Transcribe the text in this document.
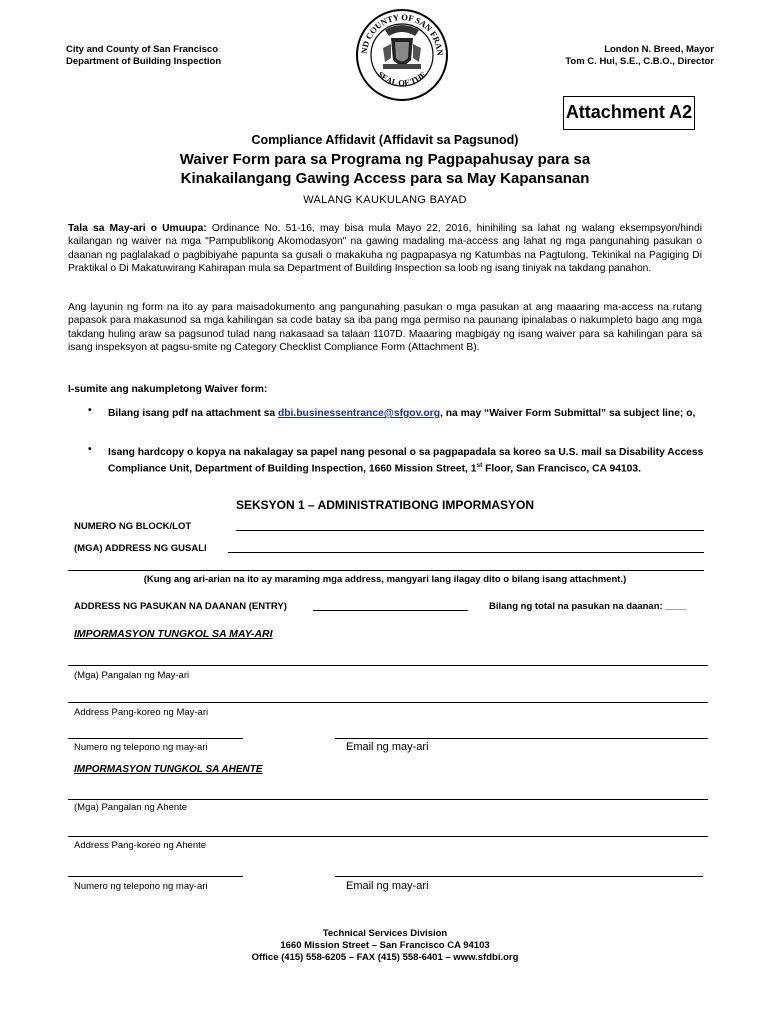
City and County of San Francisco
Department of Building Inspection
ND COUNTY OF SAN FRAN
SEAL OF THE
London N. Breed, Mayor
Tom C. Hui, S.E., C.B.O., Director
Attachment A2
Compliance Affidavit (Affidavit sa Pagsunod)
Waiver Form para sa Programa ng Pagpapahusay para sa
Kinakailangang Gawing Access para sa May Kapansanan
WALANG KAUKULANG BAYAD
Tala sa May-ari o Umuupa: Ordinance No. 51-16, may bisa mula Mayo 22, 2016, hinihiling sa lahat ng walang eksempsyon/hindi kailangan ng waiver na mga "Pampublikong Akomodasyon" na gawing madaling ma-access ang lahat ng mga pangunahing pasukan o daanan ng paglalakad o pagbibiyahe papunta sa gusali o makakuha ng pagpapasya ng Katumbas na Pagtulong, Tekinikal na Pagiging Di Praktikal o Di Makatuwirang Kahirapan mula sa Department of Building Inspection sa loob ng isang tiniyak na takdang panahon.
Ang layunin ng form na ito ay para maisadokumento ang pangunahing pasukan o mga pasukan at ang maaaring ma-access na rutang papasok para makasunod sa mga kahilingan sa code batay sa iba pang mga permiso na paunang ipinalabas o nakumpleto bago ang mga takdang huling araw sa pagsunod tulad nang nakasaad sa talaan 1107D. Maaaring magbigay ng isang waiver para sa kahilingan para sa isang inspeksyon at pagsu-smite ng Category Checklist Compliance Form (Attachment B).
I-sumite ang nakumpletong Waiver form:
• Bilang isang pdf na attachment sa dbi.businessentrance@sfgov.org, na may “Waiver Form Submittal” sa subject line; o,
• Isang hardcopy o kopya na nakalagay sa papel nang pesonal o sa pagpapadala sa koreo sa U.S. mail sa Disability Access Compliance Unit, Department of Building Inspection, 1660 Mission Street, 1st Floor, San Francisco, CA 94103.
SEKSYON 1 – ADMINISTRATIBONG IMPORMASYON
NUMERO NG BLOCK/LOT
(MGA) ADDRESS NG GUSALI
(Kung ang ari-arian na ito ay maraming mga address, mangyari lang ilagay dito o bilang isang attachment.)
ADDRESS NG PASUKAN NA DAANAN (ENTRY)	Bilang ng total na pasukan na daanan: ____
IMPORMASYON TUNGKOL SA MAY-ARI
(Mga) Pangalan ng May-ari
Address Pang-koreo ng May-ari
Numero ng telepono ng may-ari	Email ng may-ari
IMPORMASYON TUNGKOL SA AHENTE
(Mga) Pangalan ng Ahente
Address Pang-koreo ng Ahente
Numero ng telepono ng may-ari	Email ng may-ari
Technical Services Division
1660 Mission Street – San Francisco CA 94103
Office (415) 558-6205 – FAX (415) 558-6401 – www.sfdbi.org
